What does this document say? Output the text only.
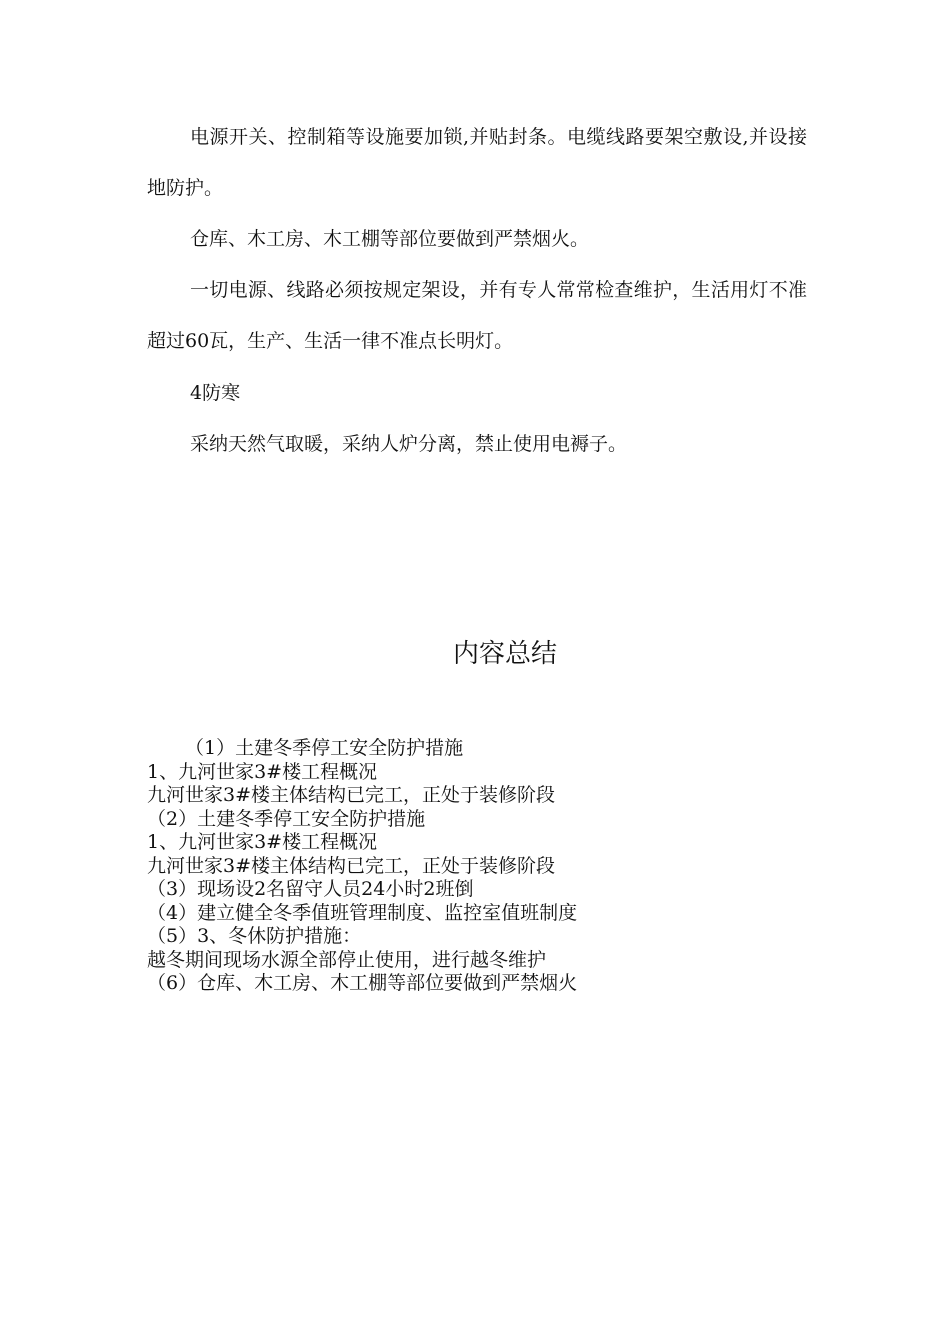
电源开关、控制箱等设施要加锁,并贴封条。电缆线路要架空敷设,并设接地防护。

仓库、木工房、木工棚等部位要做到严禁烟火。

一切电源、线路必须按规定架设，并有专人常常检查维护，生活用灯不准超过60瓦，生产、生活一律不准点长明灯。

4防寒

采纳天然气取暖，采纳人炉分离，禁止使用电褥子。

内容总结
（1）土建冬季停工安全防护措施
1、九河世家3#楼工程概况
九河世家3#楼主体结构已完工，正处于装修阶段
（2）土建冬季停工安全防护措施
1、九河世家3#楼工程概况
九河世家3#楼主体结构已完工，正处于装修阶段
（3）现场设2名留守人员24小时2班倒
（4）建立健全冬季值班管理制度、监控室值班制度
（5）3、冬休防护措施：
越冬期间现场水源全部停止使用，进行越冬维护
（6）仓库、木工房、木工棚等部位要做到严禁烟火
